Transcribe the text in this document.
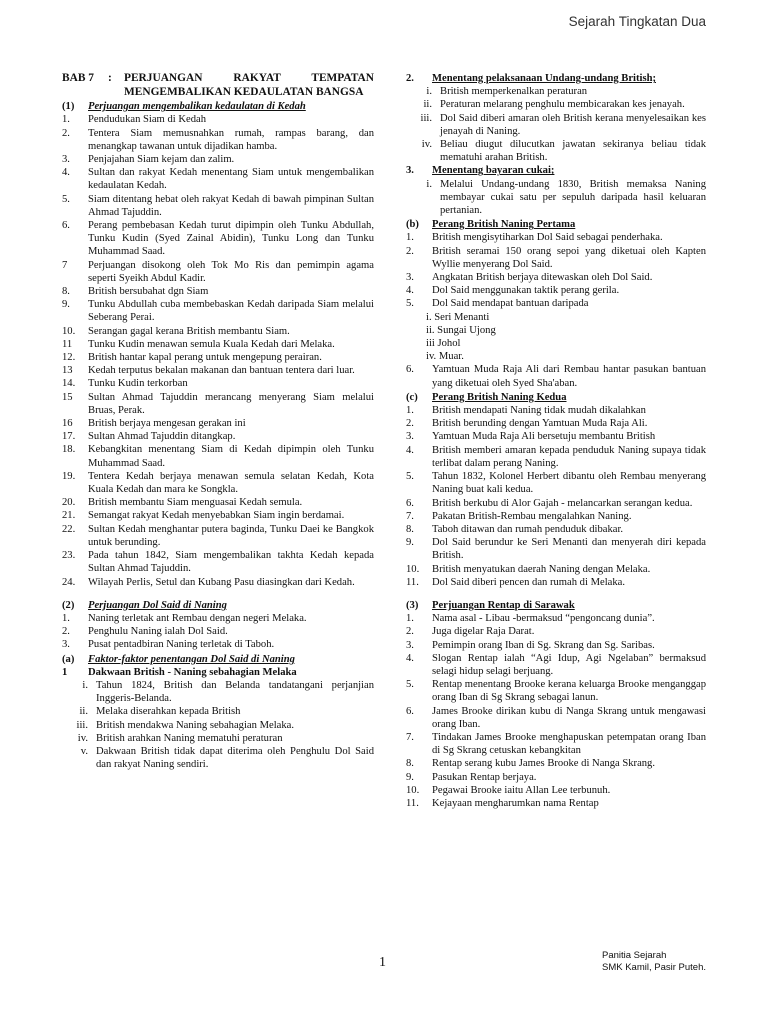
Sejarah Tingkatan Dua
BAB 7	:	PERJUANGAN RAKYAT TEMPATAN MENGEMBALIKAN KEDAULATAN BANGSA
(1)	Perjuangan mengembalikan kedaulatan di Kedah
1.	Pendudukan Siam di Kedah
2.	Tentera Siam memusnahkan rumah, rampas barang, dan menangkap tawanan untuk dijadikan hamba.
3.	Penjajahan Siam kejam dan zalim.
4.	Sultan dan rakyat Kedah menentang Siam untuk mengembalikan kedaulatan Kedah.
5.	Siam ditentang hebat oleh rakyat Kedah di bawah pimpinan Sultan Ahmad Tajuddin.
6.	Perang pembebasan Kedah turut dipimpin oleh Tunku Abdullah, Tunku Kudin (Syed Zainal Abidin), Tunku Long dan Tunku Muhammad Saad.
7	Perjuangan disokong oleh Tok Mo Ris dan pemimpin agama seperti Syeikh Abdul Kadir.
8.	British bersubahat dgn Siam
9.	Tunku Abdullah cuba membebaskan Kedah daripada Siam melalui Seberang Perai.
10.	Serangan gagal kerana British membantu Siam.
11	Tunku Kudin menawan semula Kuala Kedah dari Melaka.
12.	British hantar kapal perang untuk mengepung perairan.
13	Kedah terputus bekalan makanan dan bantuan tentera dari luar.
14.	Tunku Kudin terkorban
15	Sultan Ahmad Tajuddin merancang menyerang Siam melalui Bruas, Perak.
16	British berjaya mengesan gerakan ini
17.	Sultan Ahmad Tajuddin ditangkap.
18.	Kebangkitan menentang Siam di Kedah dipimpin oleh Tunku Muhammad Saad.
19.	Tentera Kedah berjaya menawan semula selatan Kedah, Kota Kuala Kedah dan mara ke Songkla.
20.	British membantu Siam menguasai Kedah semula.
21.	Semangat rakyat Kedah menyebabkan Siam ingin berdamai.
22.	Sultan Kedah menghantar putera baginda, Tunku Daei ke Bangkok untuk berunding.
23.	Pada tahun 1842, Siam mengembalikan takhta Kedah kepada Sultan Ahmad Tajuddin.
24.	Wilayah Perlis, Setul dan Kubang Pasu diasingkan dari Kedah.
(2)	Perjuangan Dol Said di Naning
1.	Naning terletak ant Rembau dengan negeri Melaka.
2.	Penghulu Naning ialah Dol Said.
3.	Pusat pentadbiran Naning terletak di Taboh.
(a)	Faktor-faktor penentangan Dol Said di Naning
1	Dakwaan British - Naning sebahagian Melaka
i. Tahun 1824, British dan Belanda tandatangani perjanjian Inggeris-Belanda.
ii. Melaka diserahkan kepada British
iii. British mendakwa Naning sebahagian Melaka.
iv. British arahkan Naning mematuhi peraturan
v. Dakwaan British tidak dapat diterima oleh Penghulu Dol Said dan rakyat Naning sendiri.
2.	Menentang pelaksanaan Undang-undang British;
i. British memperkenalkan peraturan
ii. Peraturan melarang penghulu membicarakan kes jenayah.
iii. Dol Said diberi amaran oleh British kerana menyelesaikan kes jenayah di Naning.
iv. Beliau diugut dilucutkan jawatan sekiranya beliau tidak mematuhi arahan British.
3.	Menentang bayaran cukai;
i. Melalui Undang-undang 1830, British memaksa Naning membayar cukai satu per sepuluh daripada hasil keluaran pertanian.
(b)	Perang British Naning Pertama
1.	British mengisytiharkan Dol Said sebagai penderhaka.
2.	British seramai 150 orang sepoi yang diketuai oleh Kapten Wyllie menyerang Dol Said.
3.	Angkatan British berjaya ditewaskan oleh Dol Said.
4.	Dol Said menggunakan taktik perang gerila.
5.	Dol Said mendapat bantuan daripada
i. Seri Menanti
ii. Sungai Ujong
iii Johol
iv. Muar.
6.	Yamtuan Muda Raja Ali dari Rembau hantar pasukan bantuan yang diketuai oleh Syed Sha'aban.
(c)	Perang British Naning Kedua
1.	British mendapati Naning tidak mudah dikalahkan
2.	British berunding dengan Yamtuan Muda Raja Ali.
3.	Yamtuan Muda Raja Ali bersetuju membantu British
4.	British memberi amaran kepada penduduk Naning supaya tidak terlibat dalam perang Naning.
5.	Tahun 1832, Kolonel Herbert dibantu oleh Rembau menyerang Naning buat kali kedua.
6.	British berkubu di Alor Gajah - melancarkan serangan kedua.
7.	Pakatan British-Rembau mengalahkan Naning.
8.	Taboh ditawan dan rumah penduduk dibakar.
9.	Dol Said berundur ke Seri Menanti dan menyerah diri kepada British.
10.	British menyatukan daerah Naning dengan Melaka.
11.	Dol Said diberi pencen dan rumah di Melaka.
(3)	Perjuangan Rentap di Sarawak
1.	Nama asal - Libau -bermaksud “pengoncang dunia”.
2.	Juga digelar Raja Darat.
3.	Pemimpin orang Iban di Sg. Skrang dan Sg. Saribas.
4.	Slogan Rentap ialah “Agi Idup, Agi Ngelaban” bermaksud selagi hidup selagi berjuang.
5.	Rentap menentang Brooke kerana keluarga Brooke menganggap orang Iban di Sg Skrang sebagai lanun.
6.	James Brooke dirikan kubu di Nanga Skrang untuk mengawasi orang Iban.
7.	Tindakan James Brooke menghapuskan petempatan orang Iban di Sg Skrang cetuskan kebangkitan
8.	Rentap serang kubu James Brooke di Nanga Skrang.
9.	Pasukan Rentap berjaya.
10.	Pegawai Brooke iaitu Allan Lee terbunuh.
11.	Kejayaan mengharumkan nama Rentap
1	Panitia Sejarah
SMK Kamil, Pasir Puteh.
